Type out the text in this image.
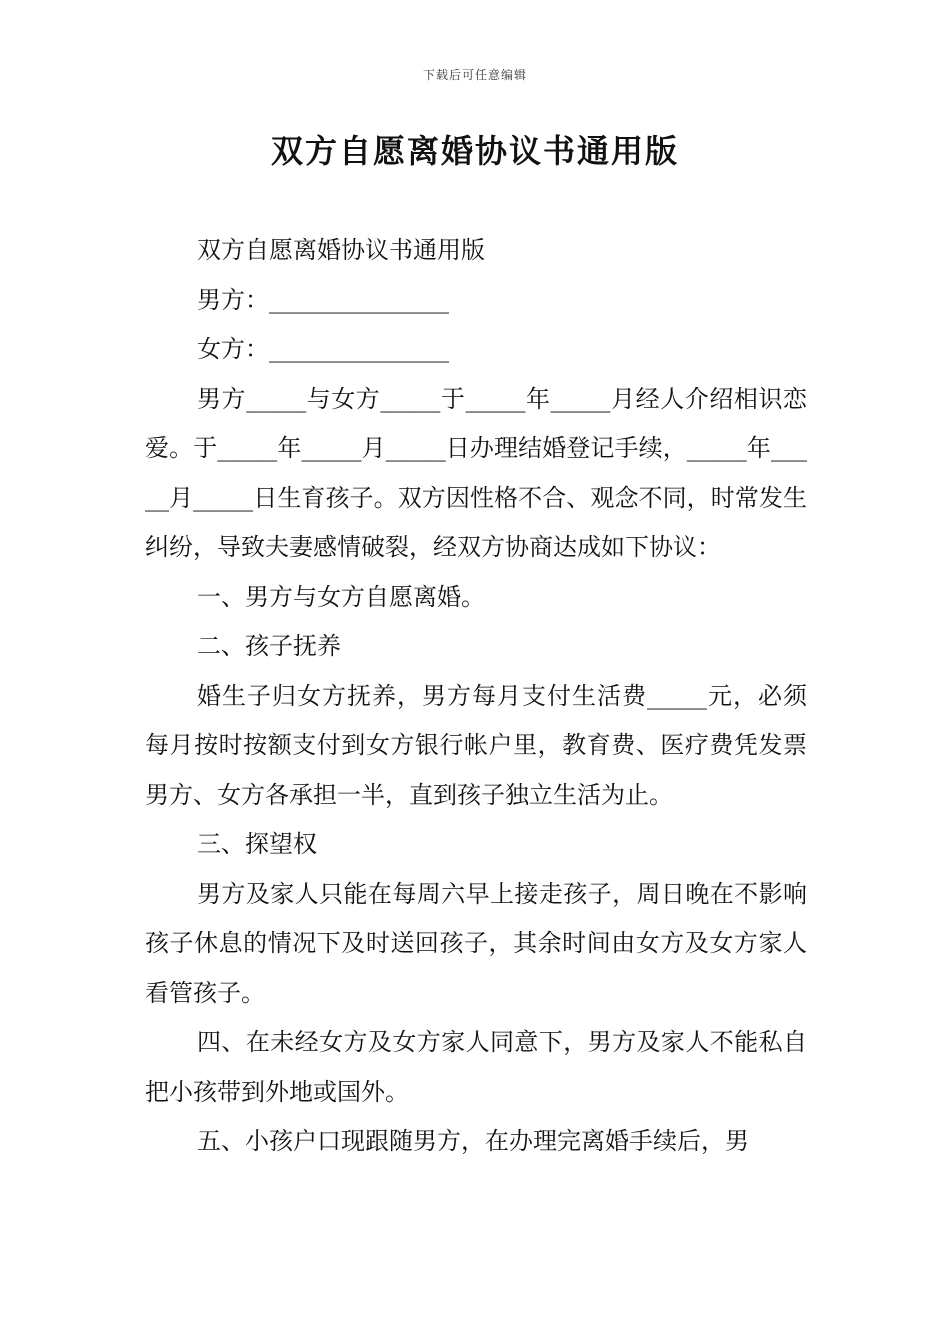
下载后可任意编辑
双方自愿离婚协议书通用版

双方自愿离婚协议书通用版

男方：_______________

女方：_______________

男方_____与女方_____于_____年_____月经人介绍相识恋爱。于_____年_____月_____日办理结婚登记手续，_____年_____月_____日生育孩子。双方因性格不合、观念不同，时常发生纠纷，导致夫妻感情破裂，经双方协商达成如下协议：

一、男方与女方自愿离婚。

二、孩子抚养

婚生子归女方抚养，男方每月支付生活费_____元，必须每月按时按额支付到女方银行帐户里，教育费、医疗费凭发票男方、女方各承担一半，直到孩子独立生活为止。

三、探望权

男方及家人只能在每周六早上接走孩子，周日晚在不影响孩子休息的情况下及时送回孩子，其余时间由女方及女方家人看管孩子。

四、在未经女方及女方家人同意下，男方及家人不能私自把小孩带到外地或国外。

五、小孩户口现跟随男方，在办理完离婚手续后，男
